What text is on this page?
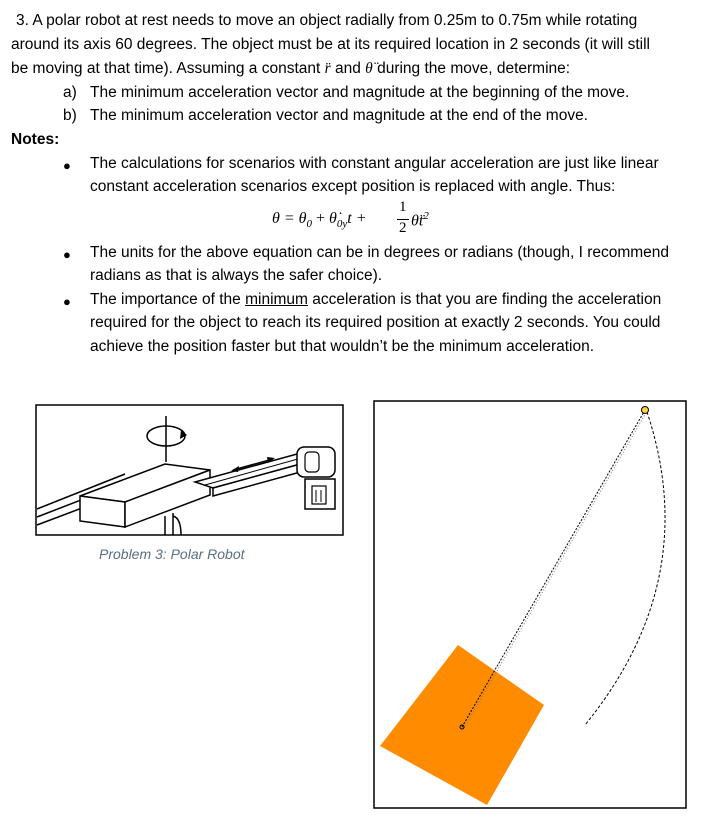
3. A polar robot at rest needs to move an object radially from 0.25m to 0.75m while rotating
around its axis 60 degrees. The object must be at its required location in 2 seconds (it will still
be moving at that time). Assuming a constant r̈ and θ̈ during the move, determine:
a) The minimum acceleration vector and magnitude at the beginning of the move.
b) The minimum acceleration vector and magnitude at the end of the move.
Notes:
● The calculations for scenarios with constant angular acceleration are just like linear
constant acceleration scenarios except position is replaced with angle. Thus:
$\theta = \theta_0$ + $\thetȧ_{0y}t$ +
1
2 $\thetät^2$
● The units for the above equation can be in degrees or radians (though, I recommend
radians as that is always the safer choice).
● The importance of the minimum acceleration is that you are finding the acceleration
required for the object to reach its required position at exactly 2 seconds. You could
achieve the position faster but that wouldn’t be the minimum acceleration.
Problem 3: Polar Robot
